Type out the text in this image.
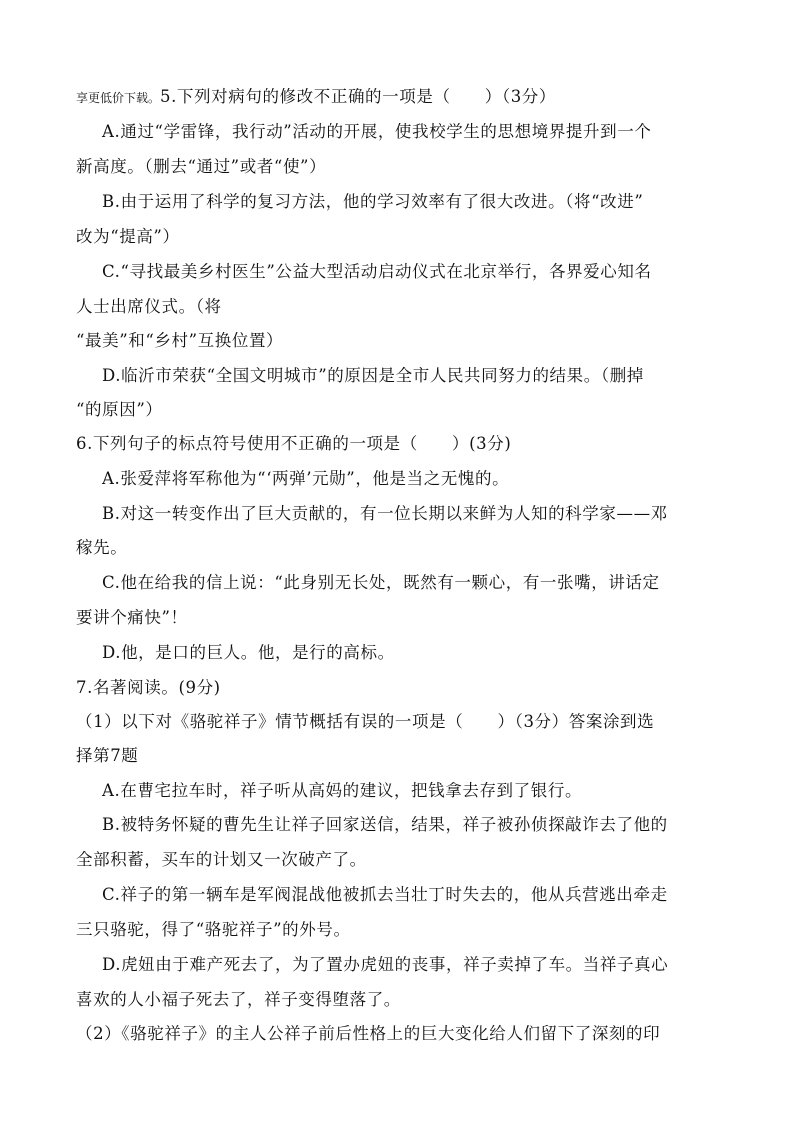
享更低价下载。5.下列对病句的修改不正确的一项是（　　）（3分）
A.通过“学雷锋，我行动”活动的开展，使我校学生的思想境界提升到一个
新高度。（删去“通过”或者“使”）
B.由于运用了科学的复习方法，他的学习效率有了很大改进。（将“改进”
改为“提高”）
C.“寻找最美乡村医生”公益大型活动启动仪式在北京举行，各界爱心知名
人士出席仪式。（将
“最美”和“乡村”互换位置）
D.临沂市荣获“全国文明城市”的原因是全市人民共同努力的结果。（删掉
“的原因”）
6.下列句子的标点符号使用不正确的一项是（　　）(3分)
A.张爱萍将军称他为“‘两弹’元勋”，他是当之无愧的。
B.对这一转变作出了巨大贡献的，有一位长期以来鲜为人知的科学家——邓
稼先。
C.他在给我的信上说：“此身别无长处，既然有一颗心，有一张嘴，讲话定
要讲个痛快”！
D.他，是口的巨人。他，是行的高标。
7.名著阅读。(9分)
（1）以下对《骆驼祥子》情节概括有误的一项是（　　）（3分）答案涂到选
择第7题
A.在曹宅拉车时，祥子听从高妈的建议，把钱拿去存到了银行。
B.被特务怀疑的曹先生让祥子回家送信，结果，祥子被孙侦探敲诈去了他的
全部积蓄，买车的计划又一次破产了。
C.祥子的第一辆车是军阀混战他被抓去当壮丁时失去的，他从兵营逃出牵走
三只骆驼，得了“骆驼祥子”的外号。
D.虎妞由于难产死去了，为了置办虎妞的丧事，祥子卖掉了车。当祥子真心
喜欢的人小福子死去了，祥子变得堕落了。
（2）《骆驼祥子》的主人公祥子前后性格上的巨大变化给人们留下了深刻的印
